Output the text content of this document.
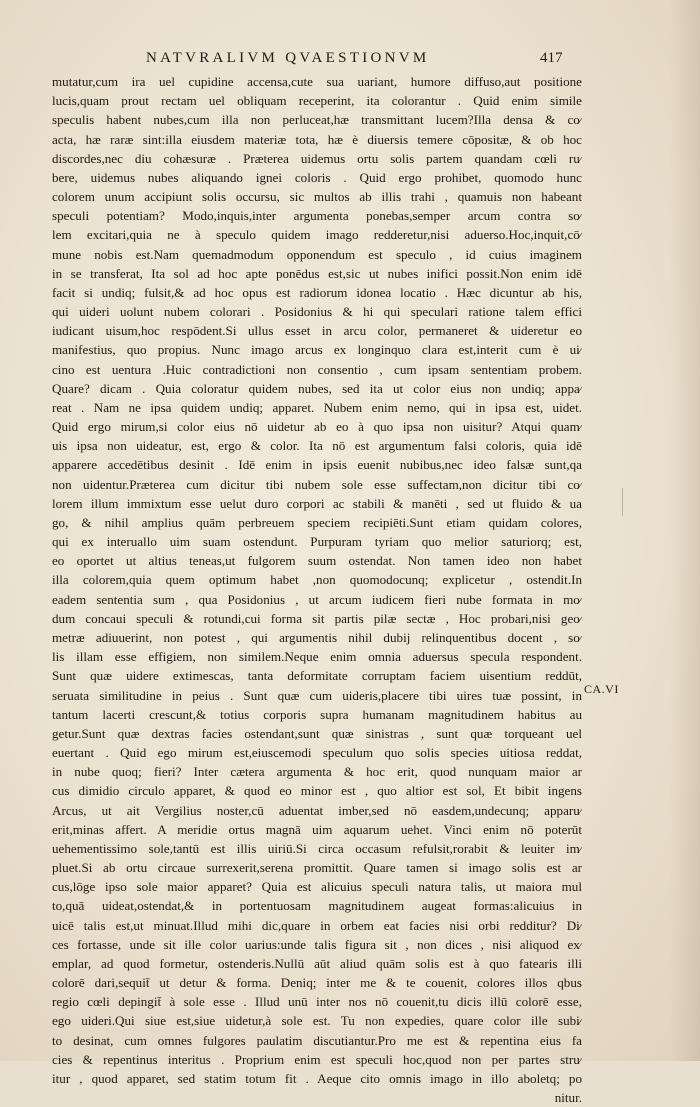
NATVRALIVM QVAESTIONVM	417
mutatur,cum ira uel cupidine accensa,cute sua uariant, humore diffuso,aut positione
lucis,quam prout rectam uel obliquam receperint, ita colorantur . Quid enim simile
speculis habent nubes,cum illa non perluceat,hæ transmittant lucem?Illa densa & co⁄
acta, hæ raræ sint:illa eiusdem materiæ tota, hæ è diuersis temere cōpositæ, & ob hoc
discordes,nec diu cohæsuræ . Præterea uidemus ortu solis partem quandam cœli ru⁄
bere, uidemus nubes aliquando ignei coloris . Quid ergo prohibet, quomodo hunc
colorem unum accipiunt solis occursu, sic multos ab illis trahi , quamuis non habeant
speculi potentiam? Modo,inquis,inter argumenta ponebas,semper arcum contra so⁄
lem excitari,quia ne à speculo quidem imago redderetur,nisi aduerso.Hoc,inquit,cō⁄
mune nobis est.Nam quemadmodum opponendum est speculo , id cuius imaginem
in se transferat, Ita sol ad hoc apte ponēdus est,sic ut nubes inifici possit.Non enim idē
facit si undiq; fulsit,& ad hoc opus est radiorum idonea locatio . Hæc dicuntur ab his,
qui uideri uolunt nubem colorari . Posidonius & hi qui speculari ratione talem effici
iudicant uisum,hoc respōdent.Si ullus esset in arcu color, permaneret & uideretur eo
manifestius, quo propius. Nunc imago arcus ex longinquo clara est,interit cum è ui⁄
cino est uentura .Huic contradictioni non consentio , cum ipsam sententiam probem.
Quare? dicam . Quia coloratur quidem nubes, sed ita ut color eius non undiq; appa⁄
reat . Nam ne ipsa quidem undiq; apparet. Nubem enim nemo, qui in ipsa est, uidet.
Quid ergo mirum,si color eius nō uidetur ab eo à quo ipsa non uisitur? Atqui quam⁄
uis ipsa non uideatur, est, ergo & color. Ita nō est argumentum falsi coloris, quia idē
apparere accedētibus desinit . Idē enim in ipsis euenit nubibus,nec ideo falsæ sunt,qa
non uidentur.Præterea cum dicitur tibi nubem sole esse suffectam,non dicitur tibi co⁄
lorem illum immixtum esse uelut duro corpori ac stabili & manēti , sed ut fluido & ua
go, & nihil amplius quām perbreuem speciem recipiēti.Sunt etiam quidam colores,
qui ex interuallo uim suam ostendunt. Purpuram tyriam quo melior saturiorq; est,
eo oportet ut altius teneas,ut fulgorem suum ostendat. Non tamen ideo non habet
illa colorem,quia quem optimum habet ,non quomodocunq; explicetur , ostendit.In
eadem sententia sum , qua Posidonius , ut arcum iudicem fieri nube formata in mo⁄
dum concaui speculi & rotundi,cui forma sit partis pilæ sectæ , Hoc probari,nisi geo⁄
metræ adiuuerint, non potest , qui argumentis nihil dubij relinquentibus docent , so⁄
lis illam esse effigiem, non similem.Neque enim omnia aduersus specula respondent.
Sunt quæ uidere extimescas, tanta deformitate corruptam faciem uisentium reddūt,
seruata similitudine in peius . Sunt quæ cum uideris,placere tibi uires tuæ possint, in
tantum lacerti crescunt,& totius corporis supra humanam magnitudinem habitus au
getur.Sunt quæ dextras facies ostendant,sunt quæ sinistras , sunt quæ torqueant uel
euertant . Quid ego mirum est,eiuscemodi speculum quo solis species uitiosa reddat,
in nube quoq; fieri? Inter cætera argumenta & hoc erit, quod nunquam maior ar
cus dimidio circulo apparet, & quod eo minor est , quo altior est sol, Et bibit ingens
Arcus, ut ait Vergilius noster,cū aduentat imber,sed nō easdem,undecunq; apparu⁄
erit,minas affert. A meridie ortus magnā uim aquarum uehet. Vinci enim nō poterūt
uehementissimo sole,tantū est illis uiriū.Si circa occasum refulsit,rorabit & leuiter im⁄
pluet.Si ab ortu circaue surrexerit,serena promittit. Quare tamen si imago solis est ar
cus,lōge ipso sole maior apparet? Quia est alicuius speculi natura talis, ut maiora mul
to,quā uideat,ostendat,& in portentuosam magnitudinem augeat formas:alicuius in
uicē talis est,ut minuat.Illud mihi dic,quare in orbem eat facies nisi orbi redditur? Di⁄
ces fortasse, unde sit ille color uarius:unde talis figura sit , non dices , nisi aliquod ex⁄
emplar, ad quod formetur, ostenderis.Nullū aūt aliud quām solis est à quo fatearis illi
colorē dari,sequit̄ ut detur & forma. Deniq; inter me & te couenit, colores illos qbus
regio cœli depingit̄ à sole esse . Illud unū inter nos nō couenit,tu dicis illū colorē esse,
ego uideri.Qui siue est,siue uidetur,à sole est. Tu non expedies, quare color ille subi⁄
to desinat, cum omnes fulgores paulatim discutiantur.Pro me est & repentina eius fa
cies & repentinus interitus . Proprium enim est speculi hoc,quod non per partes stru⁄
itur , quod apparet, sed statim totum fit . Aeque cito omnis imago in illo aboletq; po
nitur.
CA.VI
